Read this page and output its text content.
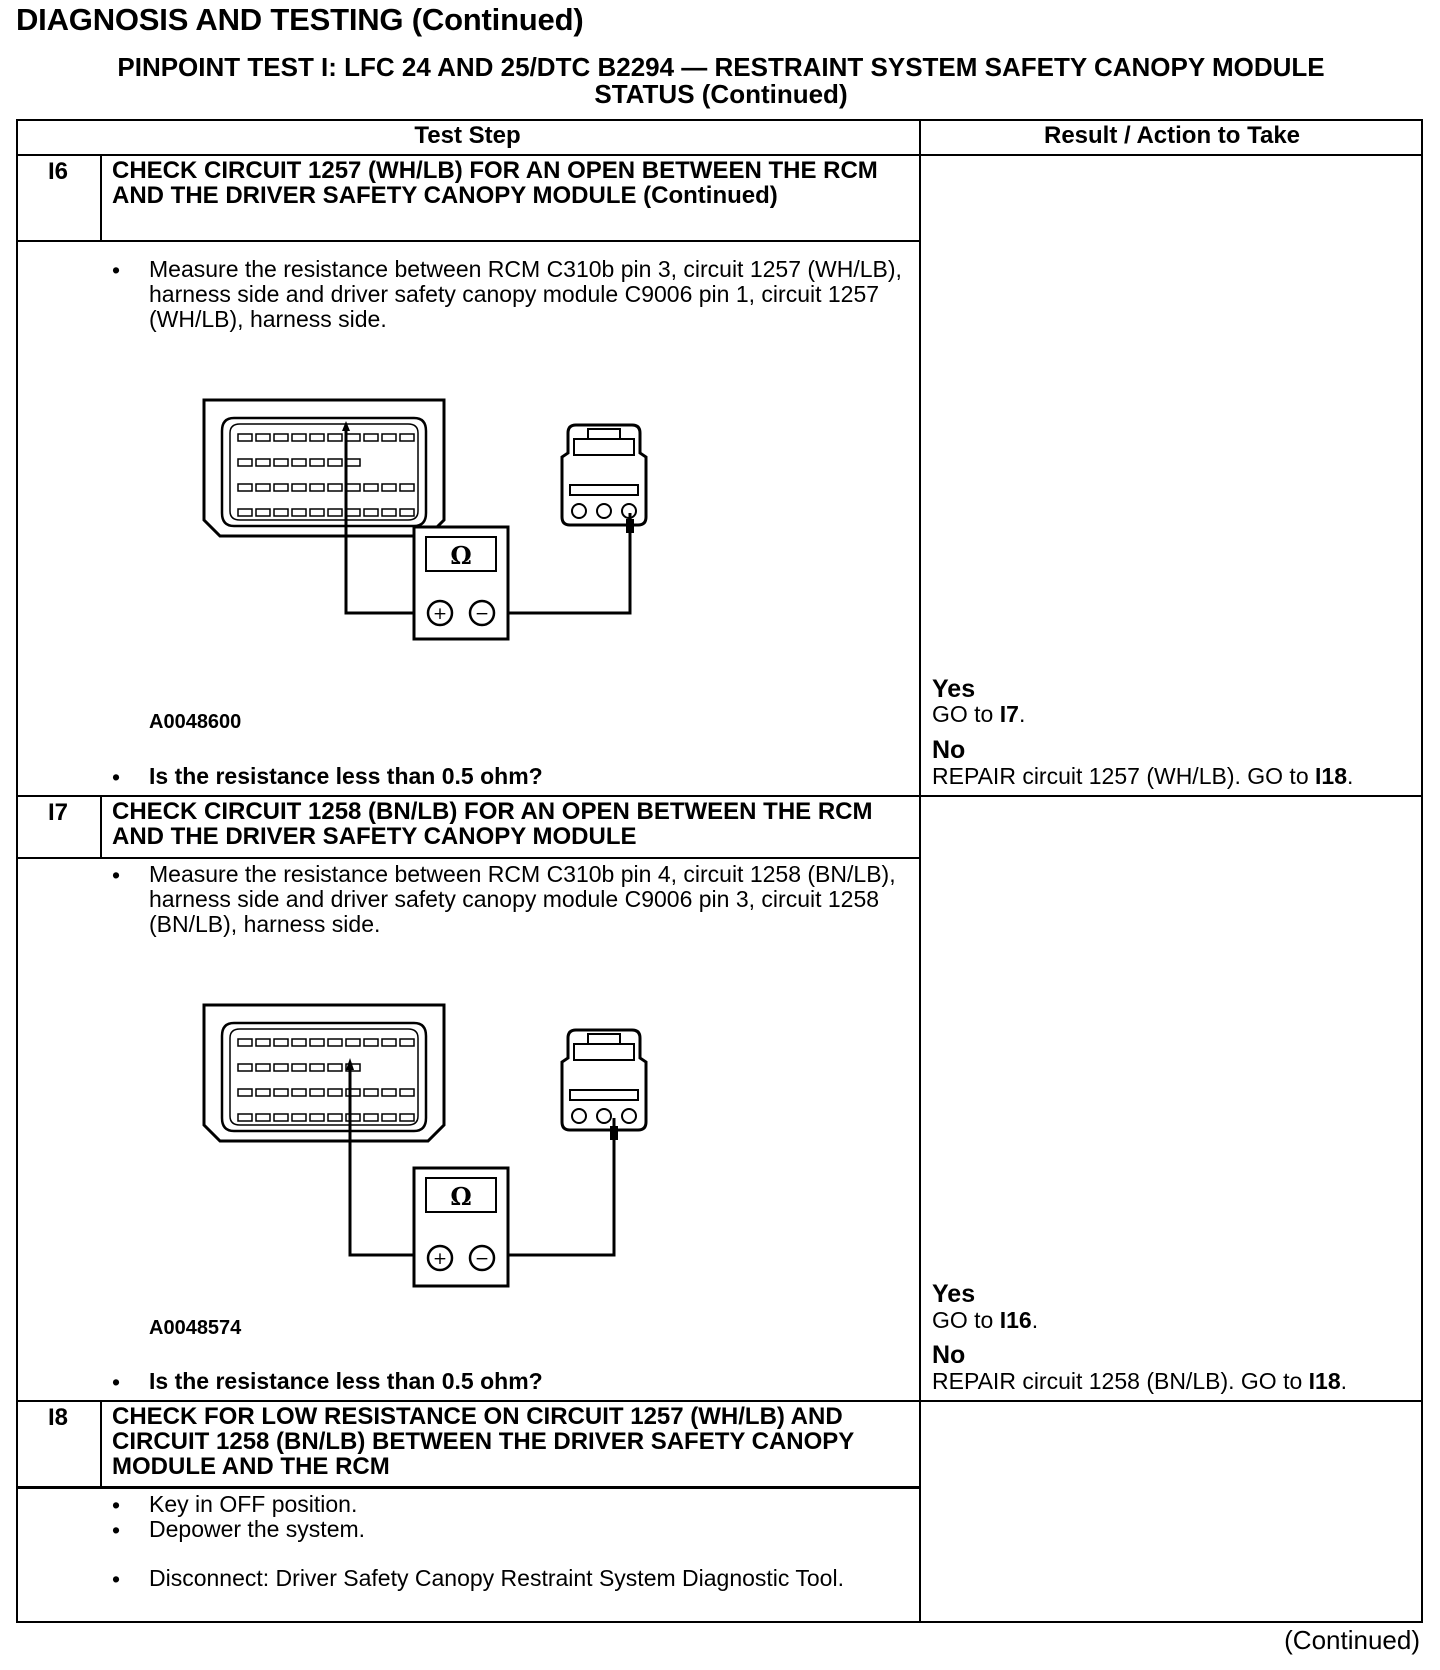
DIAGNOSIS AND TESTING (Continued)
PINPOINT TEST I: LFC 24 AND 25/DTC B2294 — RESTRAINT SYSTEM SAFETY CANOPY MODULE
STATUS (Continued)
Test Step	Result / Action to Take
I6	CHECK CIRCUIT 1257 (WH/LB) FOR AN OPEN BETWEEN THE RCM AND THE DRIVER SAFETY CANOPY MODULE (Continued)
• Measure the resistance between RCM C310b pin 3, circuit 1257 (WH/LB), harness side and driver safety canopy module C9006 pin 1, circuit 1257 (WH/LB), harness side.
Ω
+ −
A0048600
• Is the resistance less than 0.5 ohm?
Yes
GO to I7.
No
REPAIR circuit 1257 (WH/LB). GO to I18.
I7	CHECK CIRCUIT 1258 (BN/LB) FOR AN OPEN BETWEEN THE RCM AND THE DRIVER SAFETY CANOPY MODULE
• Measure the resistance between RCM C310b pin 4, circuit 1258 (BN/LB), harness side and driver safety canopy module C9006 pin 3, circuit 1258 (BN/LB), harness side.
Ω
+ −
A0048574
• Is the resistance less than 0.5 ohm?
Yes
GO to I16.
No
REPAIR circuit 1258 (BN/LB). GO to I18.
I8	CHECK FOR LOW RESISTANCE ON CIRCUIT 1257 (WH/LB) AND CIRCUIT 1258 (BN/LB) BETWEEN THE DRIVER SAFETY CANOPY MODULE AND THE RCM
• Key in OFF position.
• Depower the system.
• Disconnect: Driver Safety Canopy Restraint System Diagnostic Tool.
(Continued)
